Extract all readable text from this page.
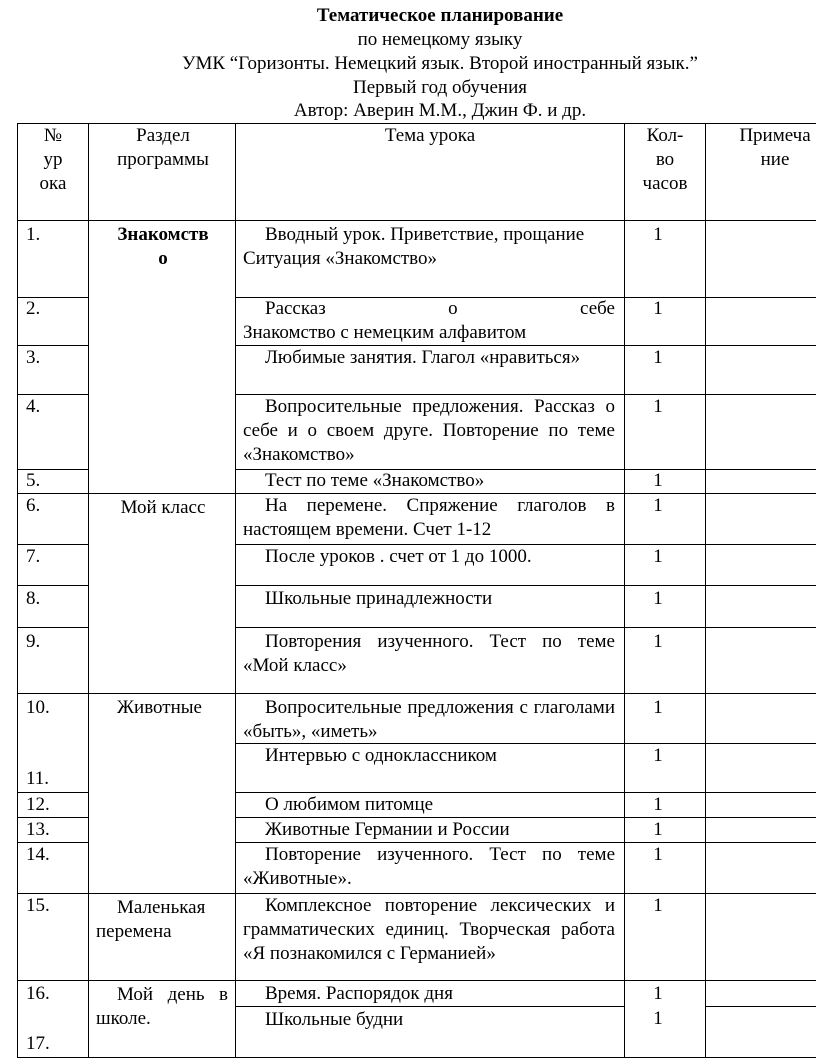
Тематическое планирование
по немецкому языку
УМК “Горизонты. Немецкий язык. Второй иностранный язык.”
Первый год обучения
Автор: Аверин М.М., Джин Ф. и др.
№
ур
ока
Раздел
программы
Тема урока	Кол-
во
часов
Примеча
ние
Знакомств
о
Мой класс
Животные
Маленькая перемена
Мой день в школе.
1.
2.
3.
4.
5.
6.
7.
8.
9.
10.
11.
12.
13.
14.
15.
16.
17.
Вводный урок. Приветствие, прощание
Ситуация «Знакомство»
Рассказ о себе
Знакомство с немецким алфавитом
Любимые занятия. Глагол «нравиться»
Вопросительные предложения. Рассказ о себе и о своем друге. Повторение по теме «Знакомство»
Тест по теме «Знакомство»
На перемене. Спряжение глаголов в настоящем времени. Счет 1-12
После уроков . счет от 1 до 1000.
Школьные принадлежности
Повторения изученного. Тест по теме «Мой класс»
Вопросительные предложения с глаголами «быть», «иметь»
Интервью с одноклассником
О любимом питомце
Животные Германии и России
Повторение изученного. Тест по теме «Животные».
Комплексное повторение лексических и грамматических единиц. Творческая работа «Я познакомился с Германией»
Время. Распорядок дня
Школьные будни
1
1
1
1
1
1
1
1
1
1
1
1
1
1
1
1
1
